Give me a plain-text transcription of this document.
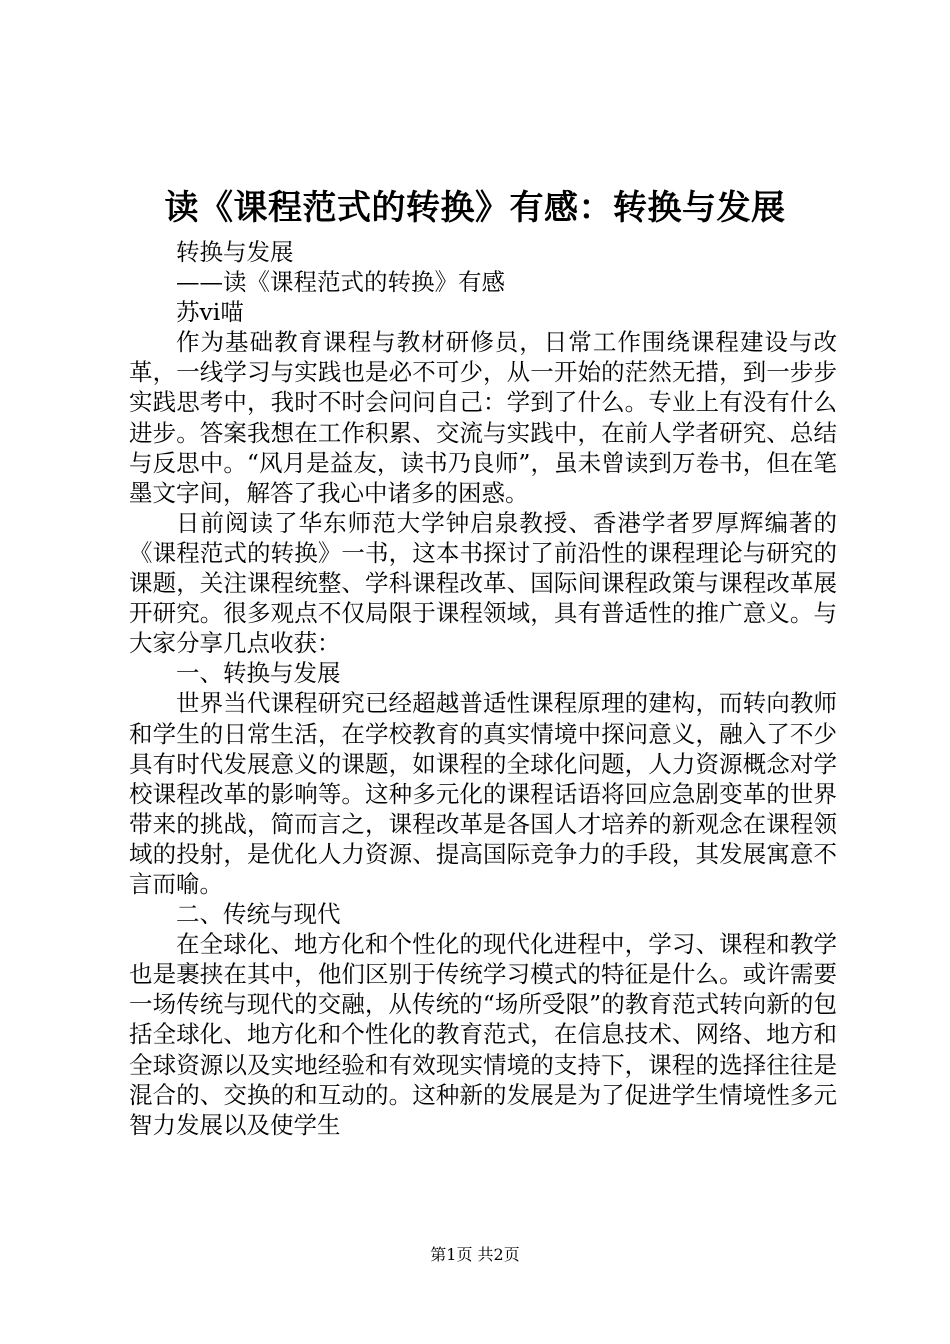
读《课程范式的转换》有感：转换与发展

转换与发展

——读《课程范式的转换》有感

苏vi喵

作为基础教育课程与教材研修员，日常工作围绕课程建设与改革，一线学习与实践也是必不可少，从一开始的茫然无措，到一步步实践思考中，我时不时会问问自己：学到了什么。专业上有没有什么进步。答案我想在工作积累、交流与实践中，在前人学者研究、总结与反思中。“风月是益友，读书乃良师”，虽未曾读到万卷书，但在笔墨文字间，解答了我心中诸多的困惑。

日前阅读了华东师范大学钟启泉教授、香港学者罗厚辉编著的《课程范式的转换》一书，这本书探讨了前沿性的课程理论与研究的课题，关注课程统整、学科课程改革、国际间课程政策与课程改革展开研究。很多观点不仅局限于课程领域，具有普适性的推广意义。与大家分享几点收获：

一、转换与发展

世界当代课程研究已经超越普适性课程原理的建构，而转向教师和学生的日常生活，在学校教育的真实情境中探问意义，融入了不少具有时代发展意义的课题，如课程的全球化问题，人力资源概念对学校课程改革的影响等。这种多元化的课程话语将回应急剧变革的世界带来的挑战，简而言之，课程改革是各国人才培养的新观念在课程领域的投射，是优化人力资源、提高国际竞争力的手段，其发展寓意不言而喻。

二、传统与现代

在全球化、地方化和个性化的现代化进程中，学习、课程和教学也是裹挟在其中，他们区别于传统学习模式的特征是什么。或许需要一场传统与现代的交融，从传统的“场所受限”的教育范式转向新的包括全球化、地方化和个性化的教育范式，在信息技术、网络、地方和全球资源以及实地经验和有效现实情境的支持下，课程的选择往往是混合的、交换的和互动的。这种新的发展是为了促进学生情境性多元智力发展以及使学生

第1页 共2页
